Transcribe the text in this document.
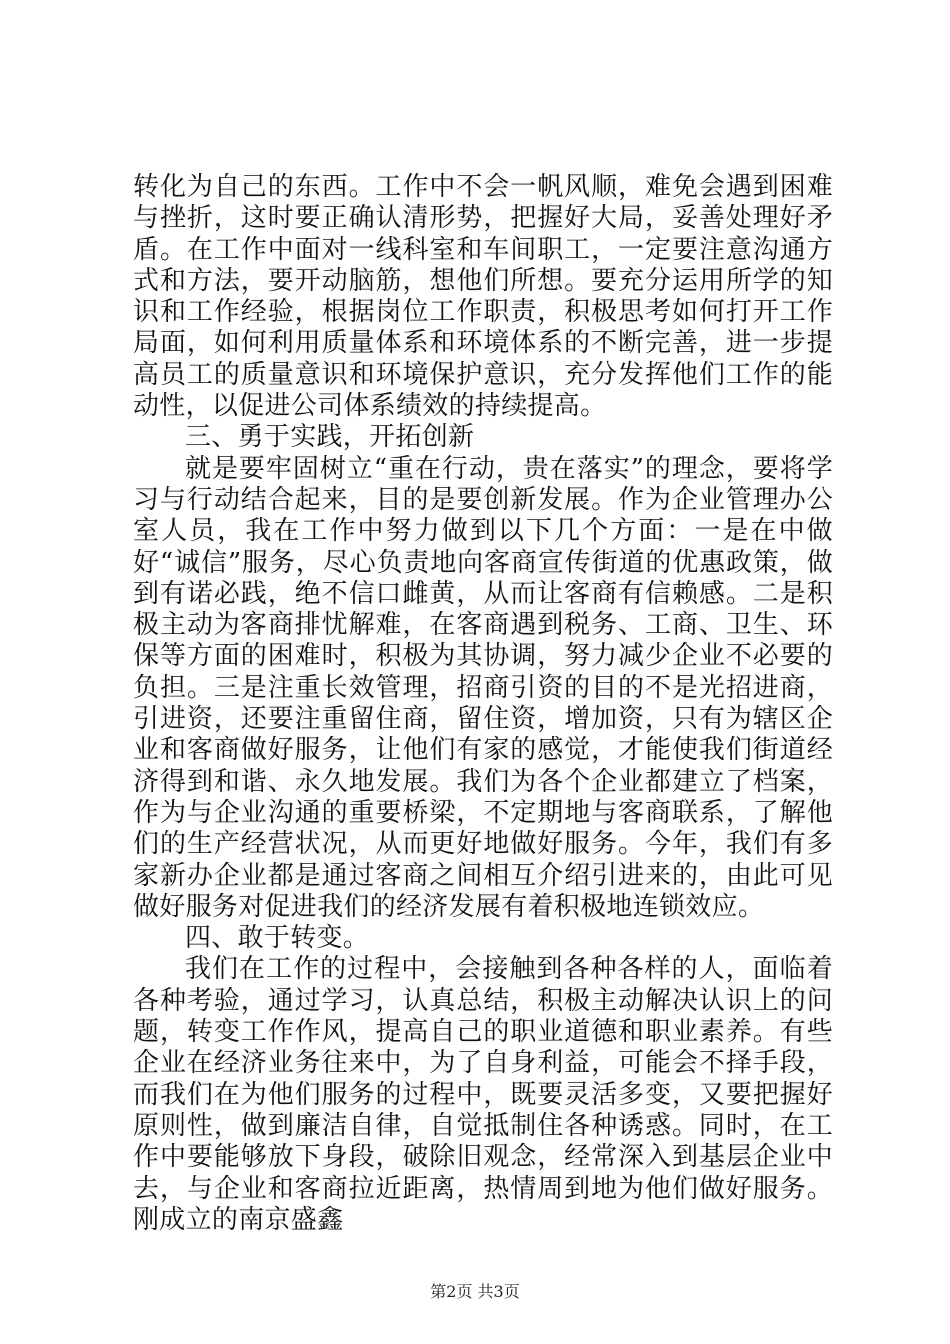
转化为自己的东西。工作中不会一帆风顺，难免会遇到困难与挫折，这时要正确认清形势，把握好大局，妥善处理好矛盾。在工作中面对一线科室和车间职工，一定要注意沟通方式和方法，要开动脑筋，想他们所想。要充分运用所学的知识和工作经验，根据岗位工作职责，积极思考如何打开工作局面，如何利用质量体系和环境体系的不断完善，进一步提高员工的质量意识和环境保护意识，充分发挥他们工作的能动性，以促进公司体系绩效的持续提高。

三、勇于实践，开拓创新

就是要牢固树立“重在行动，贵在落实”的理念，要将学习与行动结合起来，目的是要创新发展。作为企业管理办公室人员，我在工作中努力做到以下几个方面：一是在中做好“诚信”服务，尽心负责地向客商宣传街道的优惠政策，做到有诺必践，绝不信口雌黄，从而让客商有信赖感。二是积极主动为客商排忧解难，在客商遇到税务、工商、卫生、环保等方面的困难时，积极为其协调，努力减少企业不必要的负担。三是注重长效管理，招商引资的目的不是光招进商，引进资，还要注重留住商，留住资，增加资，只有为辖区企业和客商做好服务，让他们有家的感觉，才能使我们街道经济得到和谐、永久地发展。我们为各个企业都建立了档案，作为与企业沟通的重要桥梁，不定期地与客商联系，了解他们的生产经营状况，从而更好地做好服务。今年，我们有多家新办企业都是通过客商之间相互介绍引进来的，由此可见做好服务对促进我们的经济发展有着积极地连锁效应。

四、敢于转变。

我们在工作的过程中，会接触到各种各样的人，面临着各种考验，通过学习，认真总结，积极主动解决认识上的问题，转变工作作风，提高自己的职业道德和职业素养。有些企业在经济业务往来中，为了自身利益，可能会不择手段，而我们在为他们服务的过程中，既要灵活多变，又要把握好原则性，做到廉洁自律，自觉抵制住各种诱惑。同时，在工作中要能够放下身段，破除旧观念，经常深入到基层企业中去，与企业和客商拉近距离，热情周到地为他们做好服务。刚成立的南京盛鑫

第2页 共3页
